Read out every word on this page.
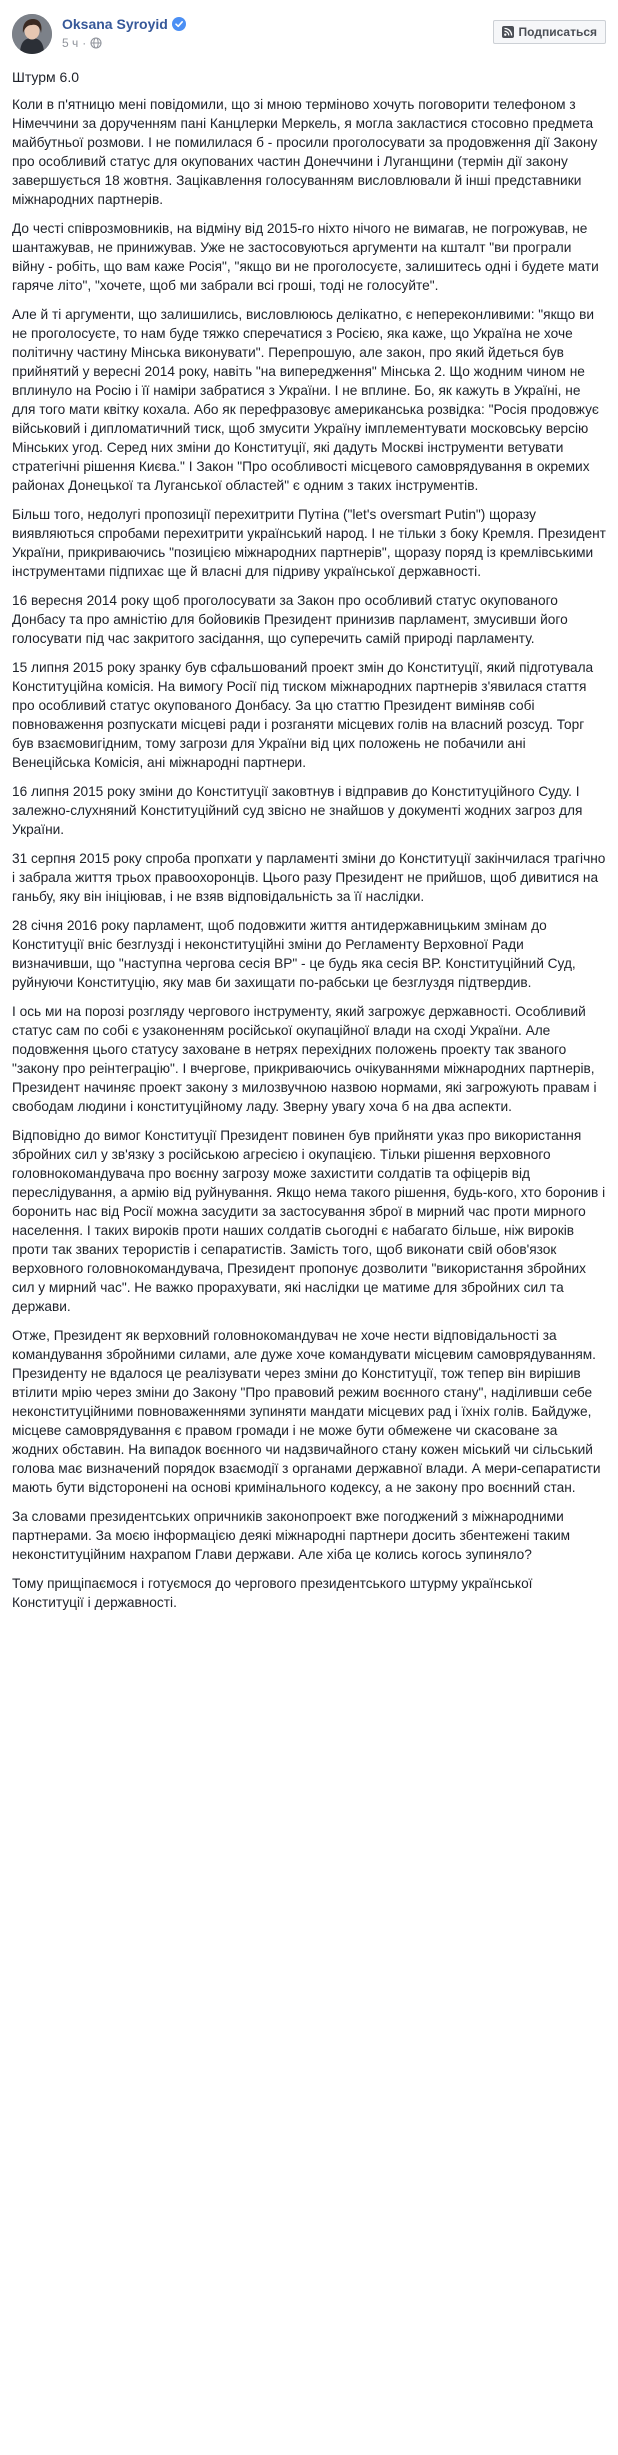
Oksana Syroyid
5 ч ·
Подписаться
Штурм 6.0

Коли в п'ятницю мені повідомили, що зі мною терміново хочуть поговорити телефоном з Німеччини за дорученням пані Канцлерки Меркель, я могла закластися стосовно предмета майбутньої розмови. І не помилилася б - просили проголосувати за продовження дії Закону про особливий статус для окупованих частин Донеччини і Луганщини (термін дії закону завершується 18 жовтня. Зацікавлення голосуванням висловлювали й інші представники міжнародних партнерів.

До честі співрозмовників, на відміну від 2015-го ніхто нічого не вимагав, не погрожував, не шантажував, не принижував. Уже не застосовуються аргументи на кшталт "ви програли війну - робіть, що вам каже Росія", "якщо ви не проголосуєте, залишитесь одні і будете мати гаряче літо", "хочете, щоб ми забрали всі гроші, тоді не голосуйте".

Але й ті аргументи, що залишились, висловлююсь делікатно, є непереконливими: "якщо ви не проголосуєте, то нам буде тяжко сперечатися з Росією, яка каже, що Україна не хоче політичну частину Мінська виконувати". Перепрошую, але закон, про який йдеться був прийнятий у вересні 2014 року, навіть "на випередження" Мінська 2. Що жодним чином не вплинуло на Росію і її наміри забратися з України. І не вплине. Бо, як кажуть в Україні, не для того мати квітку кохала. Або як перефразовує американська розвідка: "Росія продовжує військовий і дипломатичний тиск, щоб змусити Україну імплементувати московську версію Мінських угод. Серед них зміни до Конституції, які дадуть Москві інструменти ветувати стратегічні рішення Києва." І Закон "Про особливості місцевого самоврядування в окремих районах Донецької та Луганської областей" є одним з таких інструментів.

Більш того, недолугі пропозиції перехитрити Путіна ("let's oversmart Putin") щоразу виявляються спробами перехитрити український народ. І не тільки з боку Кремля. Президент України, прикриваючись "позицією міжнародних партнерів", щоразу поряд із кремлівськими інструментами підпихає ще й власні для підриву української державності.

16 вересня 2014 року щоб проголосувати за Закон про особливий статус окупованого Донбасу та про амністію для бойовиків Президент принизив парламент, змусивши його голосувати під час закритого засідання, що суперечить самій природі парламенту.

15 липня 2015 року зранку був сфальшований проект змін до Конституції, який підготувала Конституційна комісія. На вимогу Росії під тиском міжнародних партнерів з'явилася стаття про особливий статус окупованого Донбасу. За цю статтю Президент виміняв собі повноваження розпускати місцеві ради і розганяти місцевих голів на власний розсуд. Торг був взаємовигідним, тому загрози для України від цих положень не побачили ані Венеційська Комісія, ані міжнародні партнери.

16 липня 2015 року зміни до Конституції заковтнув і відправив до Конституційного Суду. І залежно-слухняний Конституційний суд звісно не знайшов у документі жодних загроз для України.

31 серпня 2015 року спроба пропхати у парламенті зміни до Конституції закінчилася трагічно і забрала життя трьох правоохоронців. Цього разу Президент не прийшов, щоб дивитися на ганьбу, яку він ініціював, і не взяв відповідальність за її наслідки.

28 січня 2016 року парламент, щоб подовжити життя антидержавницьким змінам до Конституції вніс безглузді і неконституційні зміни до Регламенту Верховної Ради визначивши, що "наступна чергова сесія ВР" - це будь яка сесія ВР. Конституційний Суд, руйнуючи Конституцію, яку мав би захищати по-рабськи це безглуздя підтвердив.

І ось ми на порозі розгляду чергового інструменту, який загрожує державності. Особливий статус сам по собі є узаконенням російської окупаційної влади на сході України. Але подовження цього статусу заховане в нетрях перехідних положень проекту так званого "закону про реінтеграцію". І вчергове, прикриваючись очікуваннями міжнародних партнерів, Президент начиняє проект закону з милозвучною назвою нормами, які загрожують правам і свободам людини і конституційному ладу. Зверну увагу хоча б на два аспекти.

Відповідно до вимог Конституції Президент повинен був прийняти указ про використання збройних сил у зв'язку з російською агресією і окупацією. Тільки рішення верховного головнокомандувача про воєнну загрозу може захистити солдатів та офіцерів від переслідування, а армію від руйнування. Якщо нема такого рішення, будь-кого, хто боронив і боронить нас від Росії можна засудити за застосування зброї в мирний час проти мирного населення. І таких вироків проти наших солдатів сьогодні є набагато більше, ніж вироків проти так званих терористів і сепаратистів. Замість того, щоб виконати свій обов'язок верховного головнокомандувача, Президент пропонує дозволити "використання збройних сил у мирний час". Не важко прорахувати, які наслідки це матиме для збройних сил та держави.

Отже, Президент як верховний головнокомандувач не хоче нести відповідальності за командування збройними силами, але дуже хоче командувати місцевим самоврядуванням. Президенту не вдалося це реалізувати через зміни до Конституції, тож тепер він вирішив втілити мрію через зміни до Закону "Про правовий режим воєнного стану", наділивши себе неконституційними повноваженнями зупиняти мандати місцевих рад і їхніх голів. Байдуже, місцеве самоврядування є правом громади і не може бути обмежене чи скасоване за жодних обставин. На випадок воєнного чи надзвичайного стану кожен міський чи сільський голова має визначений порядок взаємодії з органами державної влади. А мери-сепаратисти мають бути відсторонені на основі кримінального кодексу, а не закону про воєнний стан.

За словами президентських опричників законопроект вже погоджений з міжнародними партнерами. За моєю інформацією деякі міжнародні партнери досить збентежені таким неконституційним нахрапом Глави держави. Але хіба це колись когось зупиняло?

Тому прищіпаємося і готуємося до чергового президентського штурму української Конституції і державності.
